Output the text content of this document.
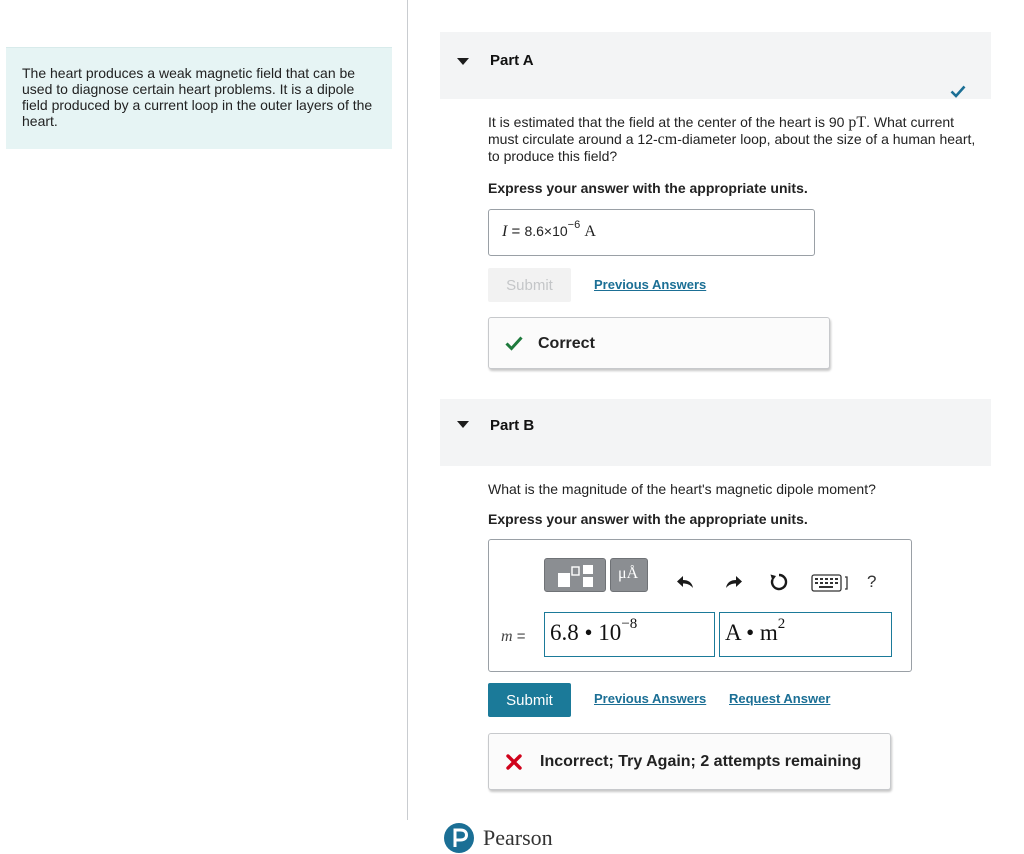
The heart produces a weak magnetic field that can be used to diagnose certain heart problems. It is a dipole field produced by a current loop in the outer layers of the heart.

Part A

It is estimated that the field at the center of the heart is 90 pT. What current must circulate around a 12-cm-diameter loop, about the size of a human heart, to produce this field?

Express your answer with the appropriate units.

$I = 8.6\times 10^{-6}$ A
Submit	Previous Answers
Correct
Part B

What is the magnitude of the heart's magnetic dipole moment?

Express your answer with the appropriate units.

μÅ	?
m = 6.8 • $10^{-8}$	A • $m^2$
Submit	Previous Answers Request Answer
Incorrect; Try Again; 2 attempts remaining
Pearson
